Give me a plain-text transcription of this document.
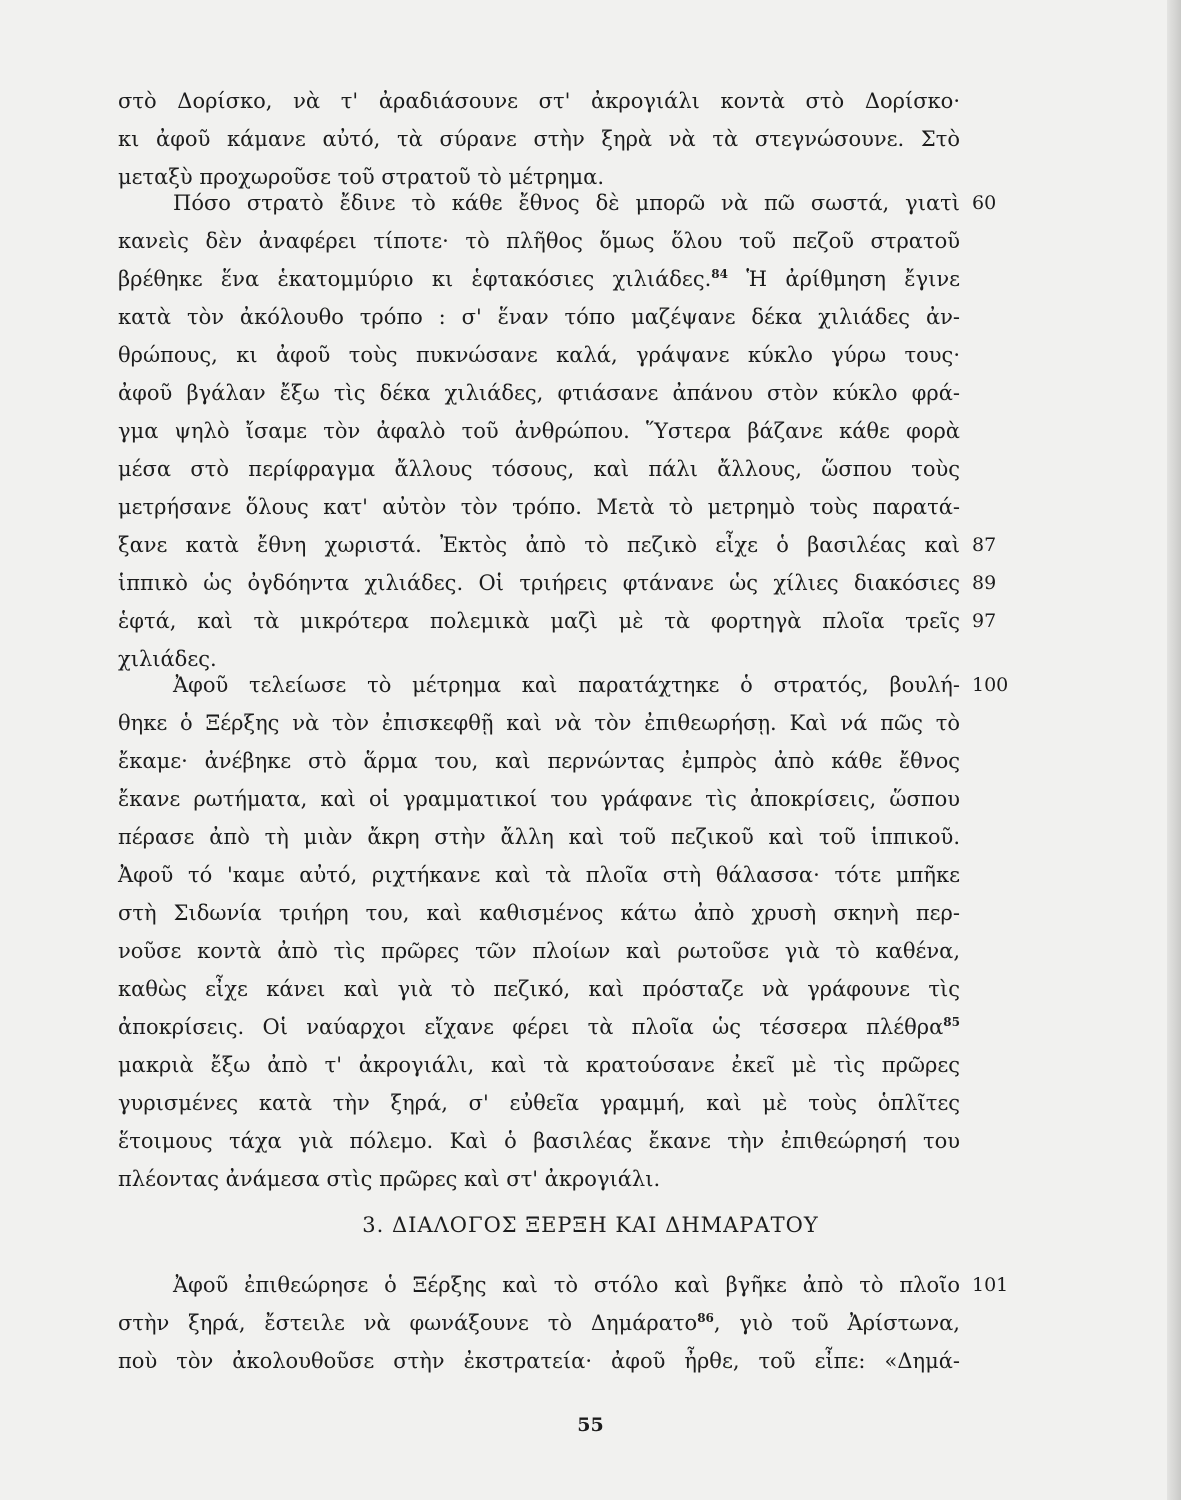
στὸ Δορίσκο, νὰ τ' ἀραδιάσουνε στ' ἀκρογιάλι κοντὰ στὸ Δορίσκο·
κι ἀφοῦ κάμανε αὐτό, τὰ σύρανε στὴν ξηρὰ νὰ τὰ στεγνώσουνε. Στὸ
μεταξὺ προχωροῦσε τοῦ στρατοῦ τὸ μέτρημα.
Πόσο στρατὸ ἔδινε τὸ κάθε ἔθνος δὲ μπορῶ νὰ πῶ σωστά, γιατὶ
κανεὶς δὲν ἀναφέρει τίποτε· τὸ πλῆθος ὅμως ὅλου τοῦ πεζοῦ στρατοῦ
βρέθηκε ἕνα ἑκατομμύριο κι ἑφτακόσιες χιλιάδες.$^{84}$ Ἡ ἀρίθμηση ἔγινε
κατὰ τὸν ἀκόλουθο τρόπο : σ' ἕναν τόπο μαζέψανε δέκα χιλιάδες ἀν-
θρώπους, κι ἀφοῦ τοὺς πυκνώσανε καλά, γράψανε κύκλο γύρω τους·
ἀφοῦ βγάλαν ἔξω τὶς δέκα χιλιάδες, φτιάσανε ἀπάνου στὸν κύκλο φρά-
γμα ψηλὸ ἴσαμε τὸν ἀφαλὸ τοῦ ἀνθρώπου. Ὕστερα βάζανε κάθε φορὰ
μέσα στὸ περίφραγμα ἄλλους τόσους, καὶ πάλι ἄλλους, ὥσπου τοὺς
μετρήσανε ὅλους κατ' αὐτὸν τὸν τρόπο. Μετὰ τὸ μετρημὸ τοὺς παρατά-
ξανε κατὰ ἔθνη χωριστά. Ἐκτὸς ἀπὸ τὸ πεζικὸ εἶχε ὁ βασιλέας καὶ
ἱππικὸ ὡς ὀγδόηντα χιλιάδες. Οἱ τριήρεις φτάνανε ὡς χίλιες διακόσιες
ἑφτά, καὶ τὰ μικρότερα πολεμικὰ μαζὶ μὲ τὰ φορτηγὰ πλοῖα τρεῖς
χιλιάδες.
Ἀφοῦ τελείωσε τὸ μέτρημα καὶ παρατάχτηκε ὁ στρατός, βουλή-
θηκε ὁ Ξέρξης νὰ τὸν ἐπισκεφθῇ καὶ νὰ τὸν ἐπιθεωρήσῃ. Καὶ νά πῶς τὸ
ἔκαμε· ἀνέβηκε στὸ ἅρμα του, καὶ περνώντας ἐμπρὸς ἀπὸ κάθε ἔθνος
ἔκανε ρωτήματα, καὶ οἱ γραμματικοί του γράφανε τὶς ἀποκρίσεις, ὥσπου
πέρασε ἀπὸ τὴ μιὰν ἄκρη στὴν ἄλλη καὶ τοῦ πεζικοῦ καὶ τοῦ ἱππικοῦ.
Ἀφοῦ τό 'καμε αὐτό, ριχτήκανε καὶ τὰ πλοῖα στὴ θάλασσα· τότε μπῆκε
στὴ Σιδωνία τριήρη του, καὶ καθισμένος κάτω ἀπὸ χρυσὴ σκηνὴ περ-
νοῦσε κοντὰ ἀπὸ τὶς πρῶρες τῶν πλοίων καὶ ρωτοῦσε γιὰ τὸ καθένα,
καθὼς εἶχε κάνει καὶ γιὰ τὸ πεζικό, καὶ πρόσταζε νὰ γράφουνε τὶς
ἀποκρίσεις. Οἱ ναύαρχοι εἴχανε φέρει τὰ πλοῖα ὡς τέσσερα πλέθρα$^{85}$
μακριὰ ἔξω ἀπὸ τ' ἀκρογιάλι, καὶ τὰ κρατούσανε ἐκεῖ μὲ τὶς πρῶρες
γυρισμένες κατὰ τὴν ξηρά, σ' εὐθεῖα γραμμή, καὶ μὲ τοὺς ὁπλῖτες
ἕτοιμους τάχα γιὰ πόλεμο. Καὶ ὁ βασιλέας ἔκανε τὴν ἐπιθεώρησή του
πλέοντας ἀνάμεσα στὶς πρῶρες καὶ στ' ἀκρογιάλι.
3. ΔΙΑΛΟΓΟΣ ΞΕΡΞΗ ΚΑΙ ΔΗΜΑΡΑΤΟΥ
Ἀφοῦ ἐπιθεώρησε ὁ Ξέρξης καὶ τὸ στόλο καὶ βγῆκε ἀπὸ τὸ πλοῖο
στὴν ξηρά, ἔστειλε νὰ φωνάξουνε τὸ Δημάρατο$^{86}$, γιὸ τοῦ Ἀρίστωνα,
ποὺ τὸν ἀκολουθοῦσε στὴν ἐκστρατεία· ἀφοῦ ἦρθε, τοῦ εἶπε: «Δημά-
60
87
89
97
100
101
55
